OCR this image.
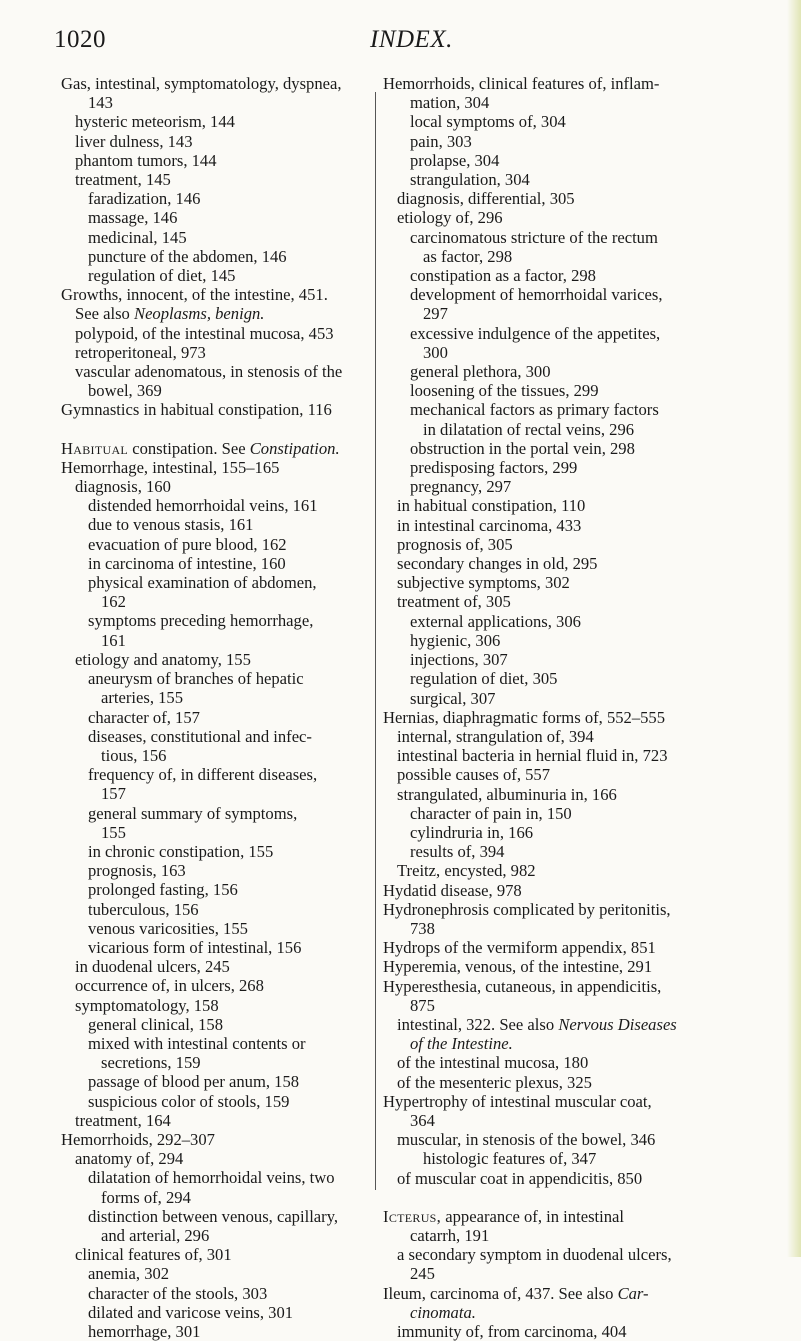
1020	INDEX.
Gas, intestinal, symptomatology, dyspnea,
143
hysteric meteorism, 144
liver dulness, 143
phantom tumors, 144
treatment, 145
faradization, 146
massage, 146
medicinal, 145
puncture of the abdomen, 146
regulation of diet, 145
Growths, innocent, of the intestine, 451.
See also Neoplasms, benign.
polypoid, of the intestinal mucosa, 453
retroperitoneal, 973
vascular adenomatous, in stenosis of the
bowel, 369
Gymnastics in habitual constipation, 116
Habitual constipation. See Constipation.
Hemorrhage, intestinal, 155–165
diagnosis, 160
distended hemorrhoidal veins, 161
due to venous stasis, 161
evacuation of pure blood, 162
in carcinoma of intestine, 160
physical examination of abdomen,
162
symptoms preceding hemorrhage,
161
etiology and anatomy, 155
aneurysm of branches of hepatic
arteries, 155
character of, 157
diseases, constitutional and infec-
tious, 156
frequency of, in different diseases,
157
general summary of symptoms,
155
in chronic constipation, 155
prognosis, 163
prolonged fasting, 156
tuberculous, 156
venous varicosities, 155
vicarious form of intestinal, 156
in duodenal ulcers, 245
occurrence of, in ulcers, 268
symptomatology, 158
general clinical, 158
mixed with intestinal contents or
secretions, 159
passage of blood per anum, 158
suspicious color of stools, 159
treatment, 164
Hemorrhoids, 292–307
anatomy of, 294
dilatation of hemorrhoidal veins, two
forms of, 294
distinction between venous, capillary,
and arterial, 296
clinical features of, 301
anemia, 302
character of the stools, 303
dilated and varicose veins, 301
hemorrhage, 301
Hemorrhoids, clinical features of, inflam-
mation, 304
local symptoms of, 304
pain, 303
prolapse, 304
strangulation, 304
diagnosis, differential, 305
etiology of, 296
carcinomatous stricture of the rectum
as factor, 298
constipation as a factor, 298
development of hemorrhoidal varices,
297
excessive indulgence of the appetites,
300
general plethora, 300
loosening of the tissues, 299
mechanical factors as primary factors
in dilatation of rectal veins, 296
obstruction in the portal vein, 298
predisposing factors, 299
pregnancy, 297
in habitual constipation, 110
in intestinal carcinoma, 433
prognosis of, 305
secondary changes in old, 295
subjective symptoms, 302
treatment of, 305
external applications, 306
hygienic, 306
injections, 307
regulation of diet, 305
surgical, 307
Hernias, diaphragmatic forms of, 552–555
internal, strangulation of, 394
intestinal bacteria in hernial fluid in, 723
possible causes of, 557
strangulated, albuminuria in, 166
character of pain in, 150
cylindruria in, 166
results of, 394
Treitz, encysted, 982
Hydatid disease, 978
Hydronephrosis complicated by peritonitis,
738
Hydrops of the vermiform appendix, 851
Hyperemia, venous, of the intestine, 291
Hyperesthesia, cutaneous, in appendicitis,
875
intestinal, 322. See also Nervous Diseases
of the Intestine.
of the intestinal mucosa, 180
of the mesenteric plexus, 325
Hypertrophy of intestinal muscular coat,
364
muscular, in stenosis of the bowel, 346
histologic features of, 347
of muscular coat in appendicitis, 850
Icterus, appearance of, in intestinal
catarrh, 191
a secondary symptom in duodenal ulcers,
245
Ileum, carcinoma of, 437. See also Car-
cinomata.
immunity of, from carcinoma, 404
